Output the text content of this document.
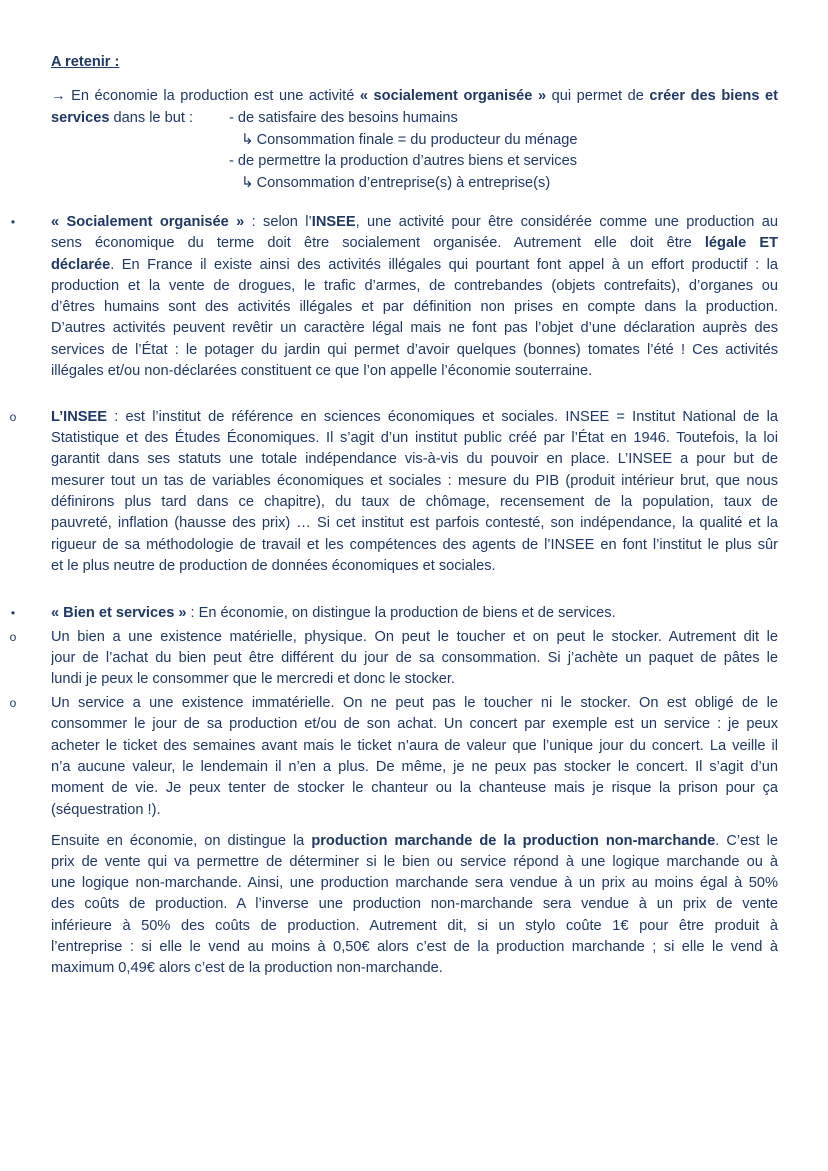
A retenir :
→ En économie la production est une activité « socialement organisée » qui permet de créer des biens et
services dans le but : - de satisfaire des besoins humains
↳ Consommation finale = du producteur du ménage
- de permettre la production d’autres biens et services
↳ Consommation d’entreprise(s) à entreprise(s)
• « Socialement organisée » : selon l’INSEE, une activité pour être considérée comme une production au
sens économique du terme doit être socialement organisée. Autrement elle doit être légale ET
déclarée. En France il existe ainsi des activités illégales qui pourtant font appel à un effort productif : la
production et la vente de drogues, le trafic d’armes, de contrebandes (objets contrefaits), d’organes ou
d’êtres humains sont des activités illégales et par définition non prises en compte dans la production.
D’autres activités peuvent revêtir un caractère légal mais ne font pas l’objet d’une déclaration auprès des
services de l’État : le potager du jardin qui permet d’avoir quelques (bonnes) tomates l’été ! Ces activités
illégales et/ou non-déclarées constituent ce que l’on appelle l’économie souterraine.
o L’INSEE : est l’institut de référence en sciences économiques et sociales. INSEE = Institut National de la
Statistique et des Études Économiques. Il s’agit d’un institut public créé par l’État en 1946. Toutefois, la loi
garantit dans ses statuts une totale indépendance vis-à-vis du pouvoir en place. L’INSEE a pour but de
mesurer tout un tas de variables économiques et sociales : mesure du PIB (produit intérieur brut, que nous
définirons plus tard dans ce chapitre), du taux de chômage, recensement de la population, taux de
pauvreté, inflation (hausse des prix) … Si cet institut est parfois contesté, son indépendance, la qualité et la
rigueur de sa méthodologie de travail et les compétences des agents de l’INSEE en font l’institut le plus sûr
et le plus neutre de production de données économiques et sociales.
• « Bien et services » : En économie, on distingue la production de biens et de services.
o Un bien a une existence matérielle, physique. On peut le toucher et on peut le stocker. Autrement dit le
jour de l’achat du bien peut être différent du jour de sa consommation. Si j’achète un paquet de pâtes le
lundi je peux le consommer que le mercredi et donc le stocker.
o Un service a une existence immatérielle. On ne peut pas le toucher ni le stocker. On est obligé de le
consommer le jour de sa production et/ou de son achat. Un concert par exemple est un service : je peux
acheter le ticket des semaines avant mais le ticket n’aura de valeur que l’unique jour du concert. La veille il
n’a aucune valeur, le lendemain il n’en a plus. De même, je ne peux pas stocker le concert. Il s’agit d’un
moment de vie. Je peux tenter de stocker le chanteur ou la chanteuse mais je risque la prison pour ça
(séquestration !).
Ensuite en économie, on distingue la production marchande de la production non-marchande. C’est le
prix de vente qui va permettre de déterminer si le bien ou service répond à une logique marchande ou à
une logique non-marchande. Ainsi, une production marchande sera vendue à un prix au moins égal à 50%
des coûts de production. A l’inverse une production non-marchande sera vendue à un prix de vente
inférieure à 50% des coûts de production. Autrement dit, si un stylo coûte 1€ pour être produit à
l’entreprise : si elle le vend au moins à 0,50€ alors c’est de la production marchande ; si elle le vend à
maximum 0,49€ alors c’est de la production non-marchande.
